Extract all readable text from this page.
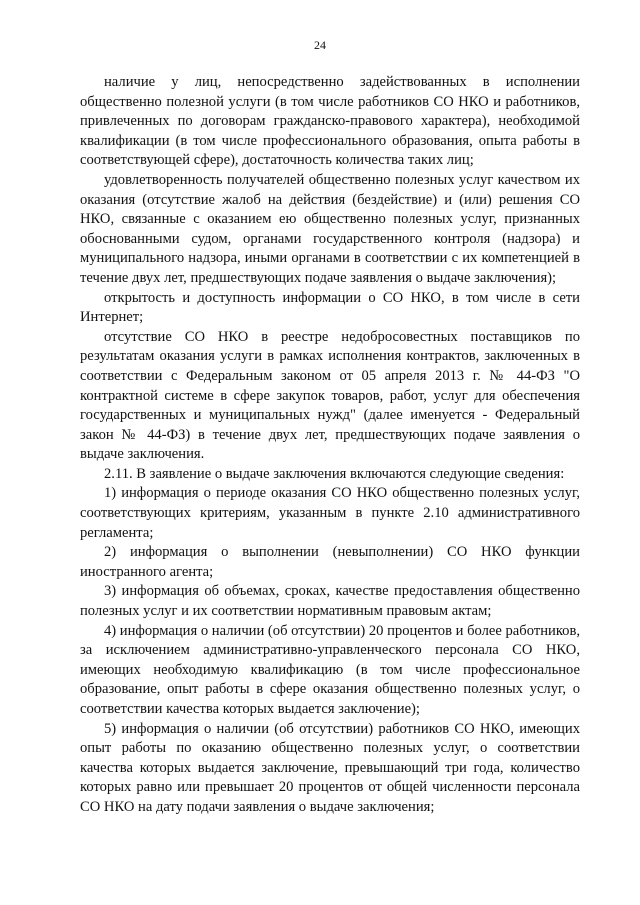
24

наличие у лиц, непосредственно задействованных в исполнении общественно полезной услуги (в том числе работников СО НКО и работников, привлеченных по договорам гражданско-правового характера), необходимой квалификации (в том числе профессионального образования, опыта работы в соответствующей сфере), достаточность количества таких лиц;

удовлетворенность получателей общественно полезных услуг качеством их оказания (отсутствие жалоб на действия (бездействие) и (или) решения СО НКО, связанные с оказанием ею общественно полезных услуг, признанных обоснованными судом, органами государственного контроля (надзора) и муниципального надзора, иными органами в соответствии с их компетенцией в течение двух лет, предшествующих подаче заявления о выдаче заключения);

открытость и доступность информации о СО НКО, в том числе в сети Интернет;

отсутствие СО НКО в реестре недобросовестных поставщиков по результатам оказания услуги в рамках исполнения контрактов, заключенных в соответствии с Федеральным законом от 05 апреля 2013 г. № 44-ФЗ "О контрактной системе в сфере закупок товаров, работ, услуг для обеспечения государственных и муниципальных нужд" (далее именуется - Федеральный закон № 44-ФЗ) в течение двух лет, предшествующих подаче заявления о выдаче заключения.

2.11. В заявление о выдаче заключения включаются следующие сведения:

1) информация о периоде оказания СО НКО общественно полезных услуг, соответствующих критериям, указанным в пункте 2.10 административного регламента;

2) информация о выполнении (невыполнении) СО НКО функции иностранного агента;

3) информация об объемах, сроках, качестве предоставления общественно полезных услуг и их соответствии нормативным правовым актам;

4) информация о наличии (об отсутствии) 20 процентов и более работников, за исключением административно-управленческого персонала СО НКО, имеющих необходимую квалификацию (в том числе профессиональное образование, опыт работы в сфере оказания общественно полезных услуг, о соответствии качества которых выдается заключение);

5) информация о наличии (об отсутствии) работников СО НКО, имеющих опыт работы по оказанию общественно полезных услуг, о соответствии качества которых выдается заключение, превышающий три года, количество которых равно или превышает 20 процентов от общей численности персонала СО НКО на дату подачи заявления о выдаче заключения;
